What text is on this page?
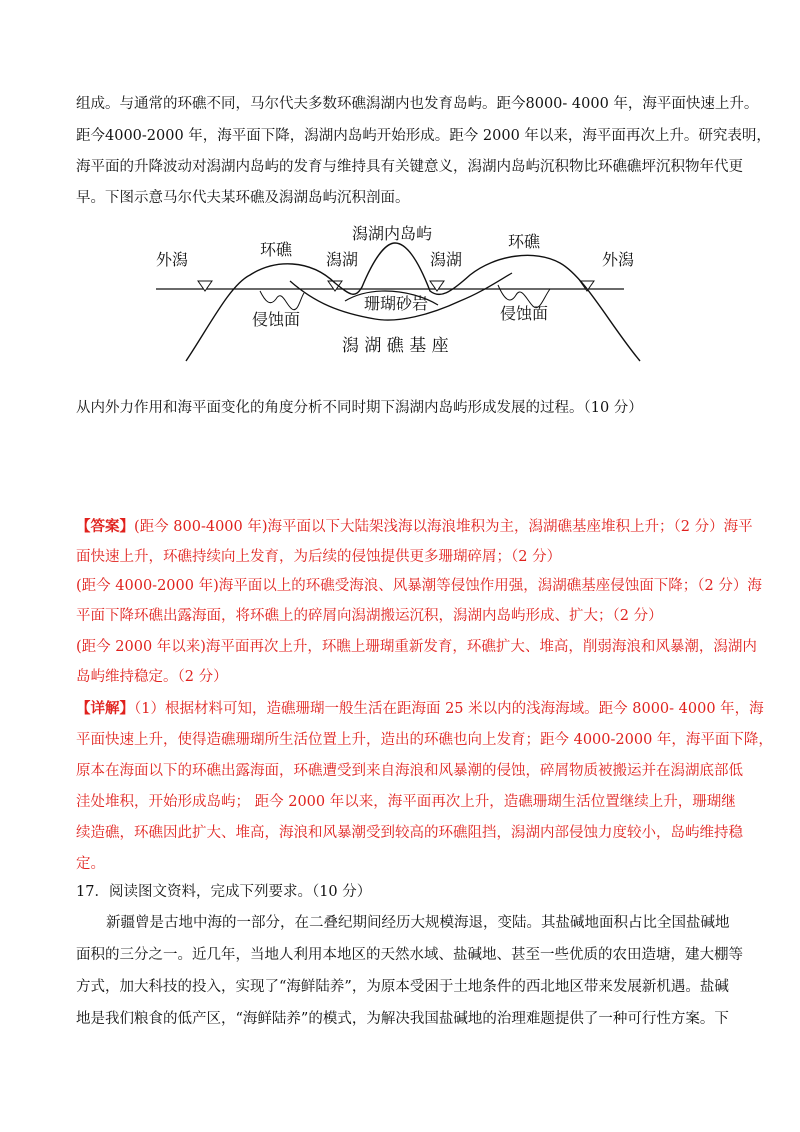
组成。与通常的环礁不同，马尔代夫多数环礁潟湖内也发育岛屿。距今8000- 4000 年，海平面快速上升。
距今4000-2000 年，海平面下降，潟湖内岛屿开始形成。距今 2000 年以来，海平面再次上升。研究表明，
海平面的升降波动对潟湖内岛屿的发育与维持具有关键意义，潟湖内岛屿沉积物比环礁礁坪沉积物年代更
早。下图示意马尔代夫某环礁及潟湖岛屿沉积剖面。
外潟
环礁
潟湖
潟湖内岛屿
潟湖
环礁
外潟
侵蚀面
珊瑚砂岩
侵蚀面
潟 湖 礁 基 座
从内外力作用和海平面变化的角度分析不同时期下潟湖内岛屿形成发展的过程。（10 分）
【答案】(距今 800-4000 年)海平面以下大陆架浅海以海浪堆积为主，潟湖礁基座堆积上升；（2 分）海平
面快速上升，环礁持续向上发育，为后续的侵蚀提供更多珊瑚碎屑；（2 分）
(距今 4000-2000 年)海平面以上的环礁受海浪、风暴潮等侵蚀作用强，潟湖礁基座侵蚀面下降；（2 分）海
平面下降环礁出露海面，将环礁上的碎屑向潟湖搬运沉积，潟湖内岛屿形成、扩大；（2 分）
(距今 2000 年以来)海平面再次上升，环瞧上珊瑚重新发育，环礁扩大、堆高，削弱海浪和风暴潮，潟湖内
岛屿维持稳定。（2 分）
【详解】（1）根据材料可知，造礁珊瑚一般生活在距海面 25 米以内的浅海海域。距今 8000- 4000 年，海
平面快速上升，使得造礁珊瑚所生活位置上升，造出的环礁也向上发育；距今 4000-2000 年，海平面下降，
原本在海面以下的环礁出露海面，环礁遭受到来自海浪和风暴潮的侵蚀，碎屑物质被搬运并在潟湖底部低
洼处堆积，开始形成岛屿； 距今 2000 年以来，海平面再次上升，造礁珊瑚生活位置继续上升，珊瑚继
续造礁，环礁因此扩大、堆高，海浪和风暴潮受到较高的环礁阻挡，潟湖内部侵蚀力度较小，岛屿维持稳
定。
17．阅读图文资料，完成下列要求。（10 分）
新疆曾是古地中海的一部分，在二叠纪期间经历大规模海退，变陆。其盐碱地面积占比全国盐碱地
面积的三分之一。近几年，当地人利用本地区的天然水域、盐碱地、甚至一些优质的农田造塘，建大棚等
方式，加大科技的投入，实现了“海鲜陆养”，为原本受困于土地条件的西北地区带来发展新机遇。盐碱
地是我们粮食的低产区，“海鲜陆养”的模式，为解决我国盐碱地的治理难题提供了一种可行性方案。下
